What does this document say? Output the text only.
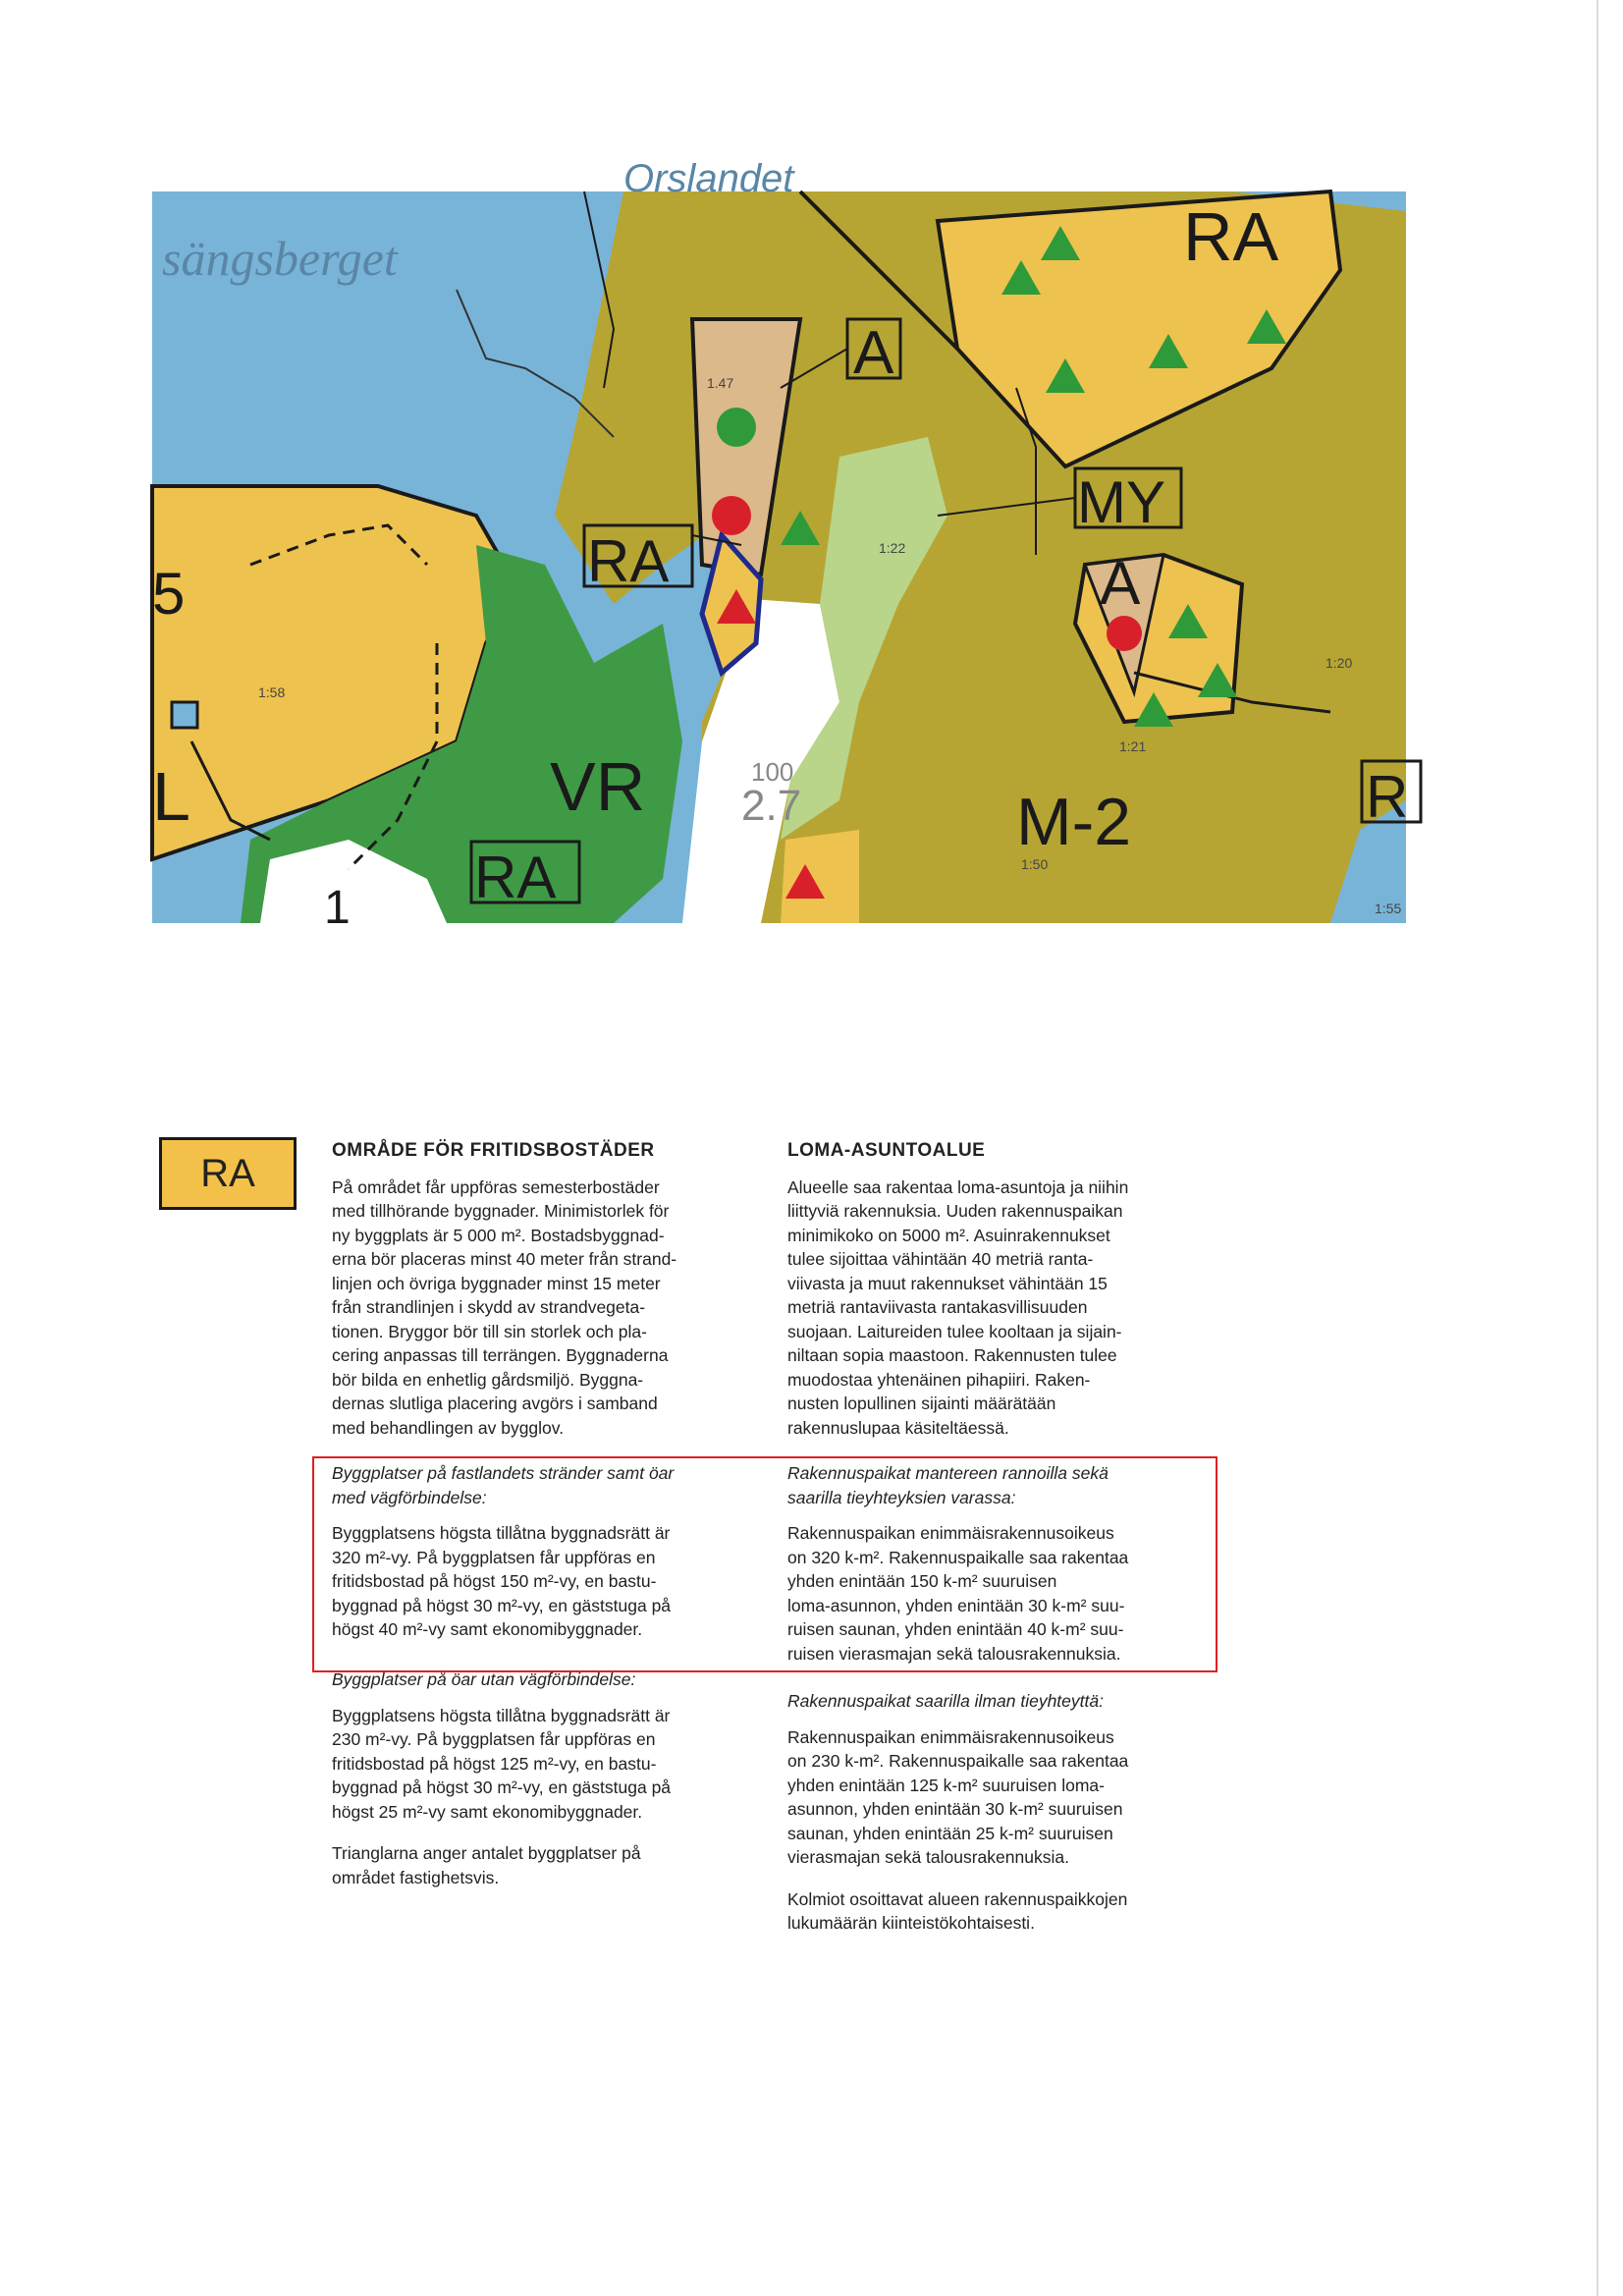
Orslandet
sängsberget	RA
A
MY
RA	A
5
VR
RA
M-2	R
L	2.7
100
1.47
1:22
1:58
1:50
1:20
1:21
1:55
1
RA
OMRÅDE FÖR FRITIDSBOSTÄDER
På området får uppföras semesterbostäder
med tillhörande byggnader. Minimistorlek för
ny byggplats är 5 000 m². Bostadsbyggnad-
erna bör placeras minst 40 meter från strand-
linjen och övriga byggnader minst 15 meter
från strandlinjen i skydd av strandvegeta-
tionen. Bryggor bör till sin storlek och pla-
cering anpassas till terrängen. Byggnaderna
bör bilda en enhetlig gårdsmiljö. Byggna-
dernas slutliga placering avgörs i samband
med behandlingen av bygglov.
Byggplatser på fastlandets stränder samt öar
med vägförbindelse:
Byggplatsens högsta tillåtna byggnadsrätt är
320 m²-vy. På byggplatsen får uppföras en
fritidsbostad på högst 150 m²-vy, en bastu-
byggnad på högst 30 m²-vy, en gäststuga på
högst 40 m²-vy samt ekonomibyggnader.
Byggplatser på öar utan vägförbindelse:
Byggplatsens högsta tillåtna byggnadsrätt är
230 m²-vy. På byggplatsen får uppföras en
fritidsbostad på högst 125 m²-vy, en bastu-
byggnad på högst 30 m²-vy, en gäststuga på
högst 25 m²-vy samt ekonomibyggnader.
Trianglarna anger antalet byggplatser på
området fastighetsvis.
LOMA-ASUNTOALUE
Alueelle saa rakentaa loma-asuntoja ja niihin
liittyviä rakennuksia. Uuden rakennuspaikan
minimikoko on 5000 m². Asuinrakennukset
tulee sijoittaa vähintään 40 metriä ranta-
viivasta ja muut rakennukset vähintään 15
metriä rantaviivasta rantakasvillisuuden
suojaan. Laitureiden tulee kooltaan ja sijain-
niltaan sopia maastoon. Rakennusten tulee
muodostaa yhtenäinen pihapiiri. Raken-
nusten lopullinen sijainti määrätään
rakennuslupaa käsiteltäessä.
Rakennuspaikat mantereen rannoilla sekä
saarilla tieyhteyksien varassa:
Rakennuspaikan enimmäisrakennusoikeus
on 320 k-m². Rakennuspaikalle saa rakentaa
yhden enintään 150 k-m² suuruisen
loma-asunnon, yhden enintään 30 k-m² suu-
ruisen saunan, yhden enintään 40 k-m² suu-
ruisen vierasmajan sekä talousrakennuksia.
Rakennuspaikat saarilla ilman tieyhteyttä:
Rakennuspaikan enimmäisrakennusoikeus
on 230 k-m². Rakennuspaikalle saa rakentaa
yhden enintään 125 k-m² suuruisen loma-
asunnon, yhden enintään 30 k-m² suuruisen
saunan, yhden enintään 25 k-m² suuruisen
vierasmajan sekä talousrakennuksia.
Kolmiot osoittavat alueen rakennuspaikkojen
lukumäärän kiinteistökohtaisesti.
